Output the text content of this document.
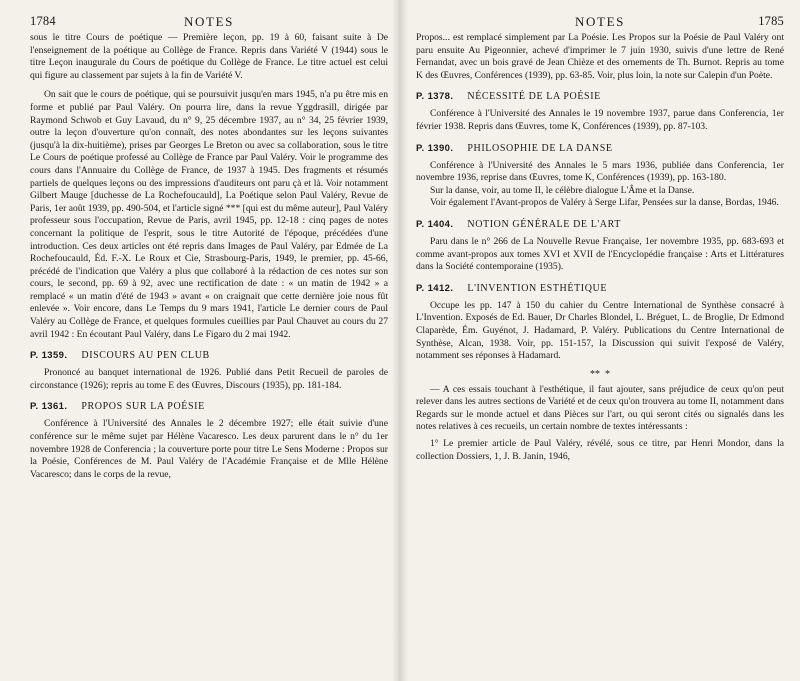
1784	NOTES

sous le titre Cours de poétique — Première leçon, pp. 19 à 60, faisant suite à De l'enseignement de la poétique au Collège de France. Repris dans Variété V (1944) sous le titre Leçon inaugurale du Cours de poétique du Collège de France. Le titre actuel est celui qui figure au classement par sujets à la fin de Variété V.

On sait que le cours de poétique, qui se poursuivit jusqu'en mars 1945, n'a pu être mis en forme et publié par Paul Valéry. On pourra lire, dans la revue Yggdrasill, dirigée par Raymond Schwob et Guy Lavaud, du n° 9, 25 décembre 1937, au n° 34, 25 février 1939, outre la leçon d'ouverture qu'on connaît, des notes abondantes sur les leçons suivantes (jusqu'à la dix-huitième), prises par Georges Le Breton ou avec sa collaboration, sous le titre Le Cours de poétique professé au Collège de France par Paul Valéry. Voir le programme des cours dans l'Annuaire du Collège de France, de 1937 à 1945. Des fragments et résumés partiels de quelques leçons ou des impressions d'auditeurs ont paru çà et là. Voir notamment Gilbert Mauge [duchesse de La Rochefoucauld], La Poétique selon Paul Valéry, Revue de Paris, 1er août 1939, pp. 490-504, et l'article signé *** [qui est du même auteur], Paul Valéry professeur sous l'occupation, Revue de Paris, avril 1945, pp. 12-18 : cinq pages de notes concernant la politique de l'esprit, sous le titre Autorité de l'époque, précédées d'une introduction. Ces deux articles ont été repris dans Images de Paul Valéry, par Edmée de La Rochefoucauld, Éd. F.-X. Le Roux et Cie, Strasbourg-Paris, 1949, le premier, pp. 45-66, précédé de l'indication que Valéry a plus que collaboré à la rédaction de ces notes sur son cours, le second, pp. 69 à 92, avec une rectification de date : « un matin de 1942 » a remplacé « un matin d'été de 1943 » avant « on craignait que cette dernière joie nous fût enlevée ». Voir encore, dans Le Temps du 9 mars 1941, l'article Le dernier cours de Paul Valéry au Collège de France, et quelques formules cueillies par Paul Chauvet au cours du 27 avril 1942 : En écoutant Paul Valéry, dans Le Figaro du 2 mai 1942.

P. 1359. DISCOURS AU PEN CLUB

Prononcé au banquet international de 1926. Publié dans Petit Recueil de paroles de circonstance (1926); repris au tome E des Œuvres, Discours (1935), pp. 181-184.

P. 1361. PROPOS SUR LA POÉSIE

Conférence à l'Université des Annales le 2 décembre 1927; elle était suivie d'une conférence sur le même sujet par Hélène Vacaresco. Les deux parurent dans le n° du 1er novembre 1928 de Conferencia ; la couverture porte pour titre Le Sens Moderne : Propos sur la Poésie, Conférences de M. Paul Valéry de l'Académie Française et de Mlle Hélène Vacaresco; dans le corps de la revue,

NOTES	1785

Propos... est remplacé simplement par La Poésie. Les Propos sur la Poésie de Paul Valéry ont paru ensuite Au Pigeonnier, achevé d'imprimer le 7 juin 1930, suivis d'une lettre de René Fernandat, avec un bois gravé de Jean Chièze et des ornements de Th. Burnot. Repris au tome K des Œuvres, Conférences (1939), pp. 63-85. Voir, plus loin, la note sur Calepin d'un Poète.

P. 1378. NÉCESSITÉ DE LA POÉSIE

Conférence à l'Université des Annales le 19 novembre 1937, parue dans Conferencia, 1er février 1938. Repris dans Œuvres, tome K, Conférences (1939), pp. 87-103.

P. 1390. PHILOSOPHIE DE LA DANSE

Conférence à l'Université des Annales le 5 mars 1936, publiée dans Conferencia, 1er novembre 1936, reprise dans Œuvres, tome K, Conférences (1939), pp. 163-180.

Sur la danse, voir, au tome II, le célèbre dialogue L'Âme et la Danse.

Voir également l'Avant-propos de Valéry à Serge Lifar, Pensées sur la danse, Bordas, 1946.

P. 1404. NOTION GÉNÉRALE DE L'ART

Paru dans le n° 266 de La Nouvelle Revue Française, 1er novembre 1935, pp. 683-693 et comme avant-propos aux tomes XVI et XVII de l'Encyclopédie française : Arts et Littératures dans la Société contemporaine (1935).

P. 1412. L'INVENTION ESTHÉTIQUE

Occupe les pp. 147 à 150 du cahier du Centre International de Synthèse consacré à L'Invention. Exposés de Ed. Bauer, Dr Charles Blondel, L. Bréguet, L. de Broglie, Dr Edmond Claparède, Ém. Guyénot, J. Hadamard, P. Valéry. Publications du Centre International de Synthèse, Alcan, 1938. Voir, pp. 151-157, la Discussion qui suivit l'exposé de Valéry, notamment ses réponses à Hadamard.

** *

— A ces essais touchant à l'esthétique, il faut ajouter, sans préjudice de ceux qu'on peut relever dans les autres sections de Variété et de ceux qu'on trouvera au tome II, notamment dans Regards sur le monde actuel et dans Pièces sur l'art, ou qui seront cités ou signalés dans les notes relatives à ces recueils, un certain nombre de textes intéressants :

1° Le premier article de Paul Valéry, révélé, sous ce titre, par Henri Mondor, dans la collection Dossiers, 1, J. B. Janin, 1946,
